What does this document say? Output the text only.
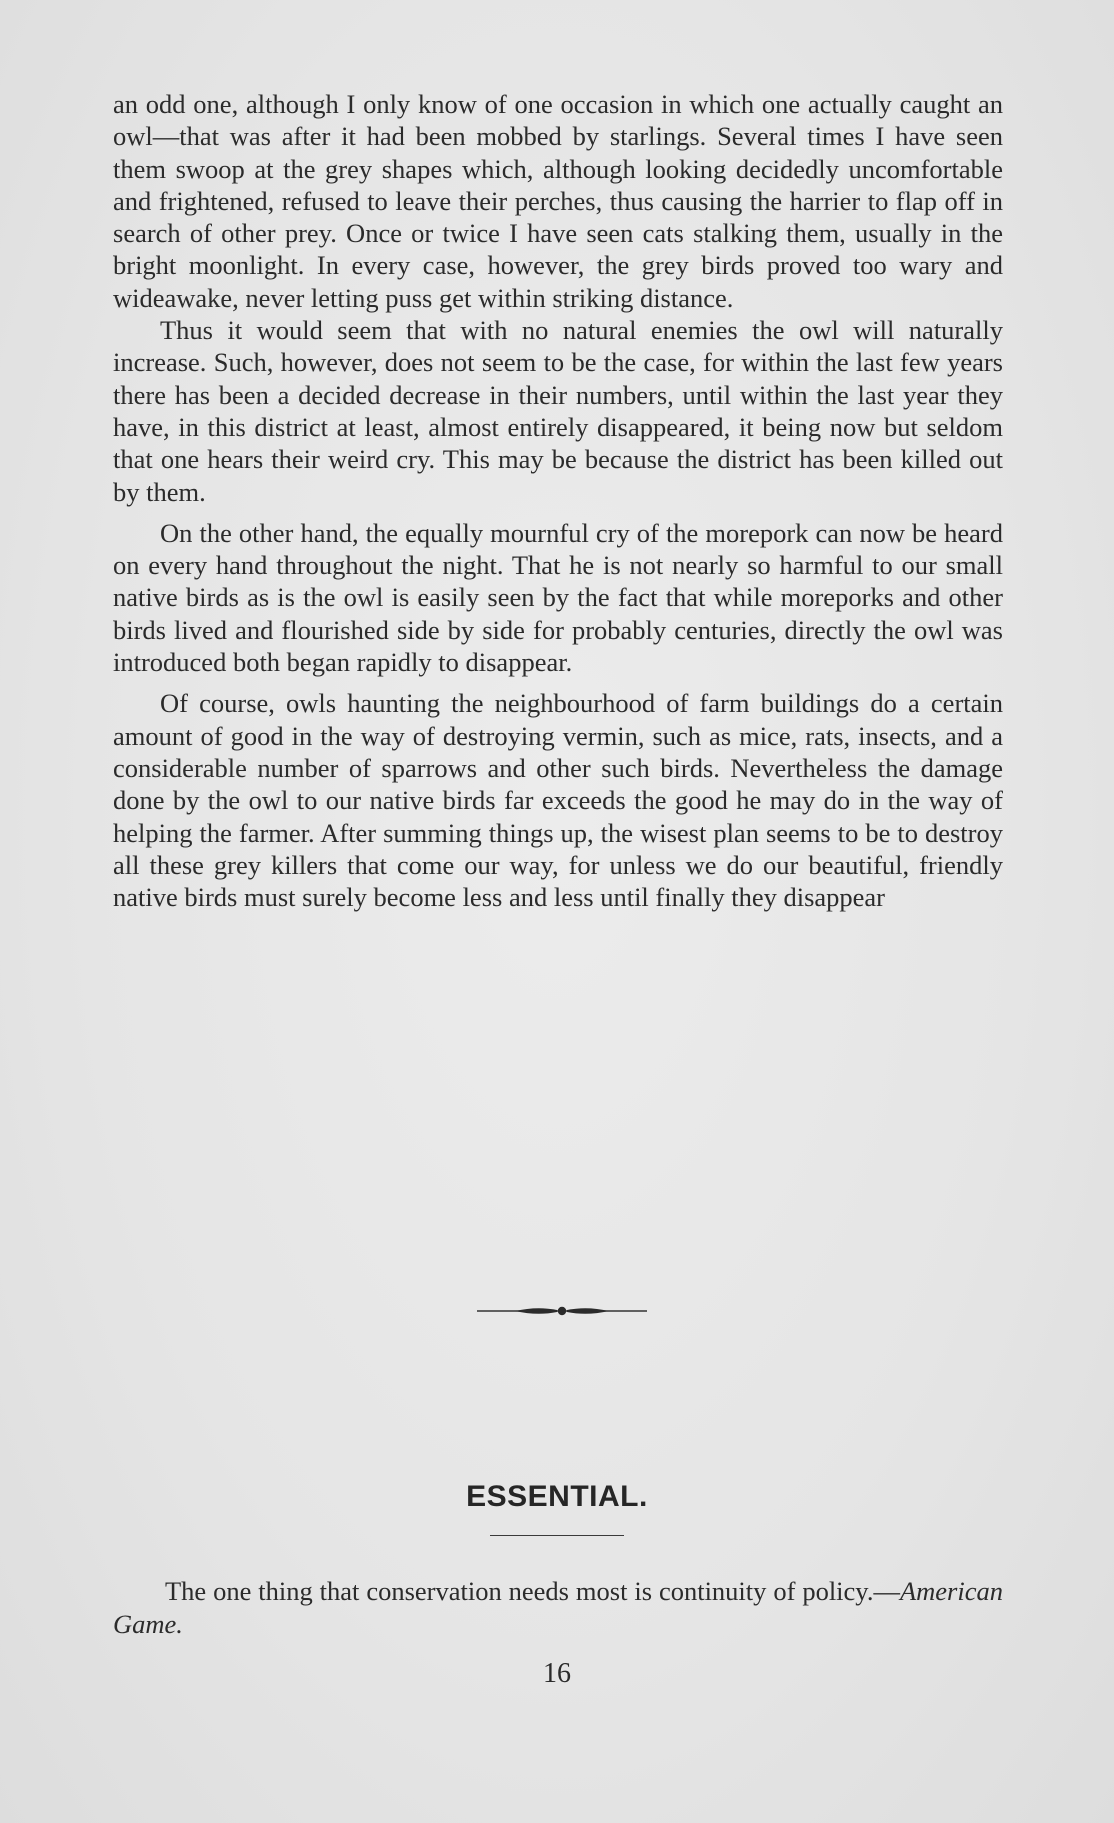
an odd one, although I only know of one occasion in which one actually caught an owl—that was after it had been mobbed by starlings. Several times I have seen them swoop at the grey shapes which, although looking decidedly uncomfortable and frightened, refused to leave their perches, thus causing the harrier to flap off in search of other prey. Once or twice I have seen cats stalking them, usually in the bright moonlight. In every case, however, the grey birds proved too wary and wideawake, never letting puss get within striking distance.

Thus it would seem that with no natural enemies the owl will naturally increase. Such, however, does not seem to be the case, for within the last few years there has been a decided decrease in their numbers, until within the last year they have, in this district at least, almost entirely disappeared, it being now but seldom that one hears their weird cry. This may be because the district has been killed out by them.

On the other hand, the equally mournful cry of the morepork can now be heard on every hand throughout the night. That he is not nearly so harmful to our small native birds as is the owl is easily seen by the fact that while moreporks and other birds lived and flourished side by side for probably centuries, directly the owl was introduced both began rapidly to disappear.

Of course, owls haunting the neighbourhood of farm buildings do a certain amount of good in the way of destroying vermin, such as mice, rats, insects, and a considerable number of sparrows and other such birds. Nevertheless the damage done by the owl to our native birds far exceeds the good he may do in the way of helping the farmer. After summing things up, the wisest plan seems to be to destroy all these grey killers that come our way, for unless we do our beautiful, friendly native birds must surely become less and less until finally they disappear

ESSENTIAL.

The one thing that conservation needs most is continuity of policy.—American Game.

16
